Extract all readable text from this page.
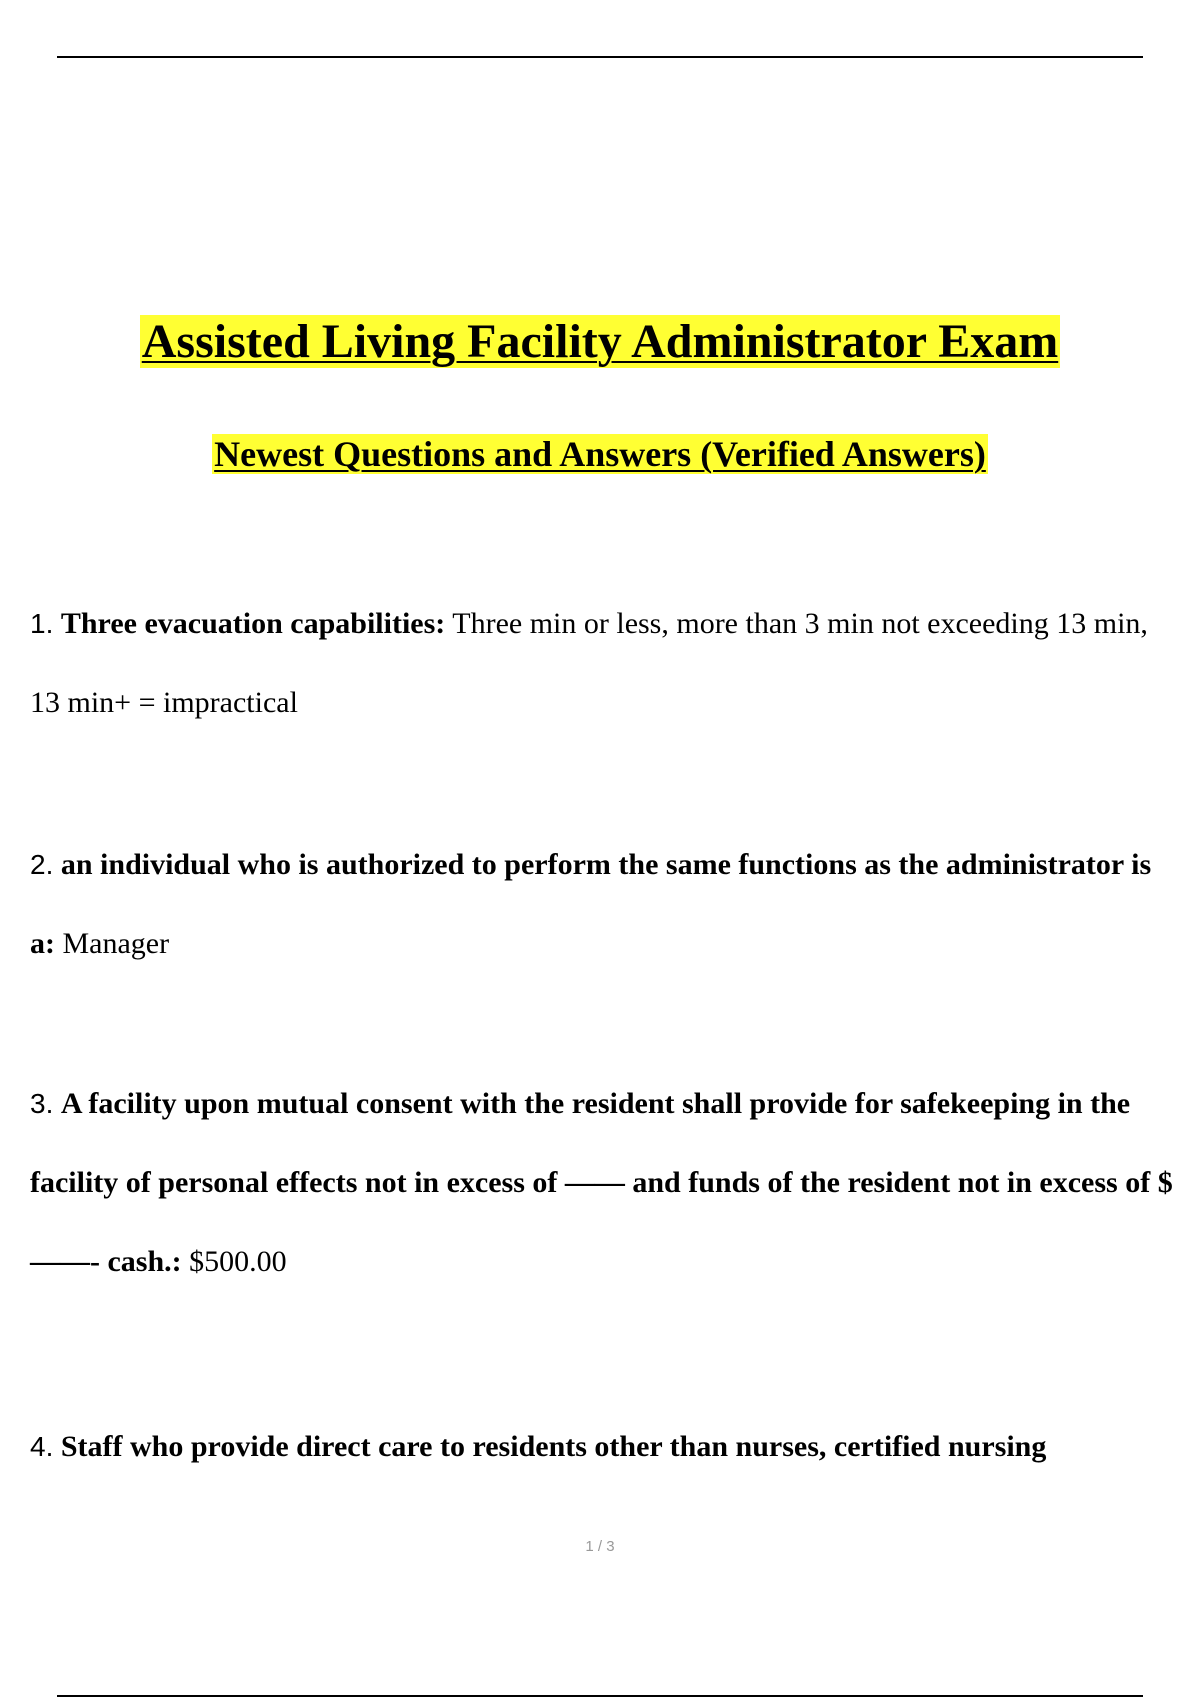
Assisted Living Facility Administrator Exam
Newest Questions and Answers (Verified Answers)
1. Three evacuation capabilities: Three min or less, more than 3 min not exceeding 13 min, 13 min+ = impractical
2. an individual who is authorized to perform the same functions as the administrator is a: Manager
3. A facility upon mutual consent with the resident shall provide for safekeeping in the facility of personal effects not in excess of —— and funds of the resident not in excess of $——- cash.: $500.00
4. Staff who provide direct care to residents other than nurses, certified nursing
1 / 3
